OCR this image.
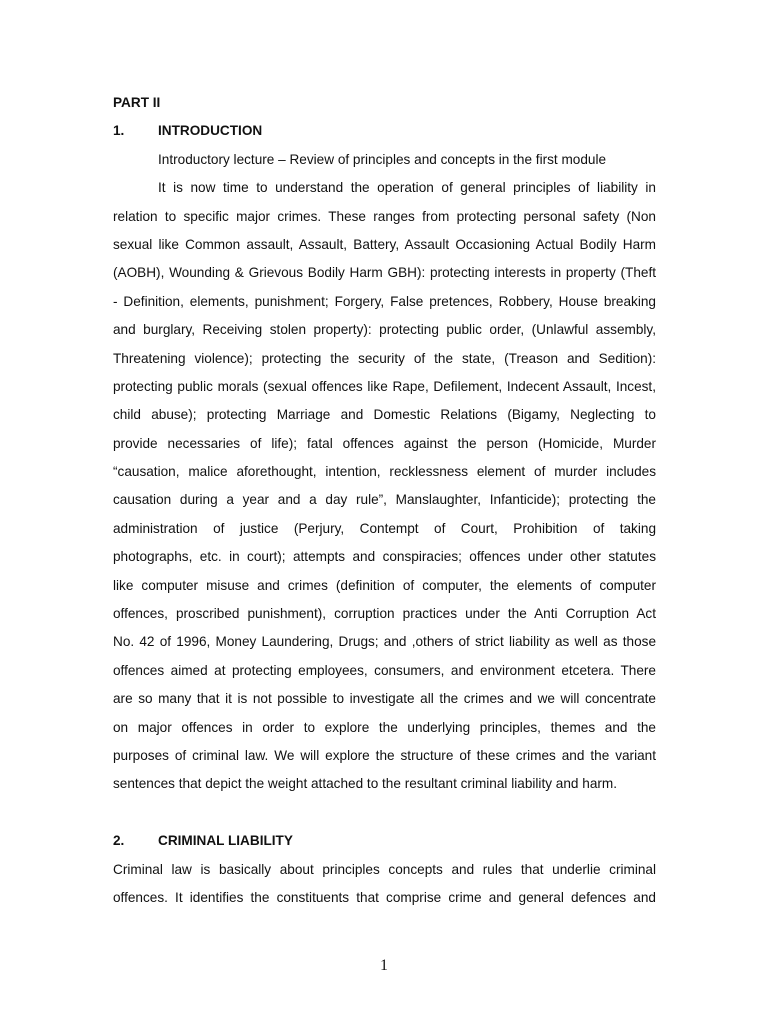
PART II
1. INTRODUCTION
Introductory lecture – Review of principles and concepts in the first module
It is now time to understand the operation of general principles of liability in
relation to specific major crimes. These ranges from protecting personal safety (Non
sexual like Common assault, Assault, Battery, Assault Occasioning Actual Bodily Harm
(AOBH), Wounding & Grievous Bodily Harm GBH): protecting interests in property (Theft
- Definition, elements, punishment; Forgery, False pretences, Robbery, House breaking
and burglary, Receiving stolen property): protecting public order, (Unlawful assembly,
Threatening violence); protecting the security of the state, (Treason and Sedition):
protecting public morals (sexual offences like Rape, Defilement, Indecent Assault, Incest,
child abuse); protecting Marriage and Domestic Relations (Bigamy, Neglecting to
provide necessaries of life); fatal offences against the person (Homicide, Murder
“causation, malice aforethought, intention, recklessness element of murder includes
causation during a year and a day rule”, Manslaughter, Infanticide); protecting the
administration of justice (Perjury, Contempt of Court, Prohibition of taking
photographs, etc. in court); attempts and conspiracies; offences under other statutes
like computer misuse and crimes (definition of computer, the elements of computer
offences, proscribed punishment), corruption practices under the Anti Corruption Act
No. 42 of 1996, Money Laundering, Drugs; and ,others of strict liability as well as those
offences aimed at protecting employees, consumers, and environment etcetera. There
are so many that it is not possible to investigate all the crimes and we will concentrate
on major offences in order to explore the underlying principles, themes and the
purposes of criminal law. We will explore the structure of these crimes and the variant
sentences that depict the weight attached to the resultant criminal liability and harm.
2. CRIMINAL LIABILITY
Criminal law is basically about principles concepts and rules that underlie criminal
offences. It identifies the constituents that comprise crime and general defences and
1
